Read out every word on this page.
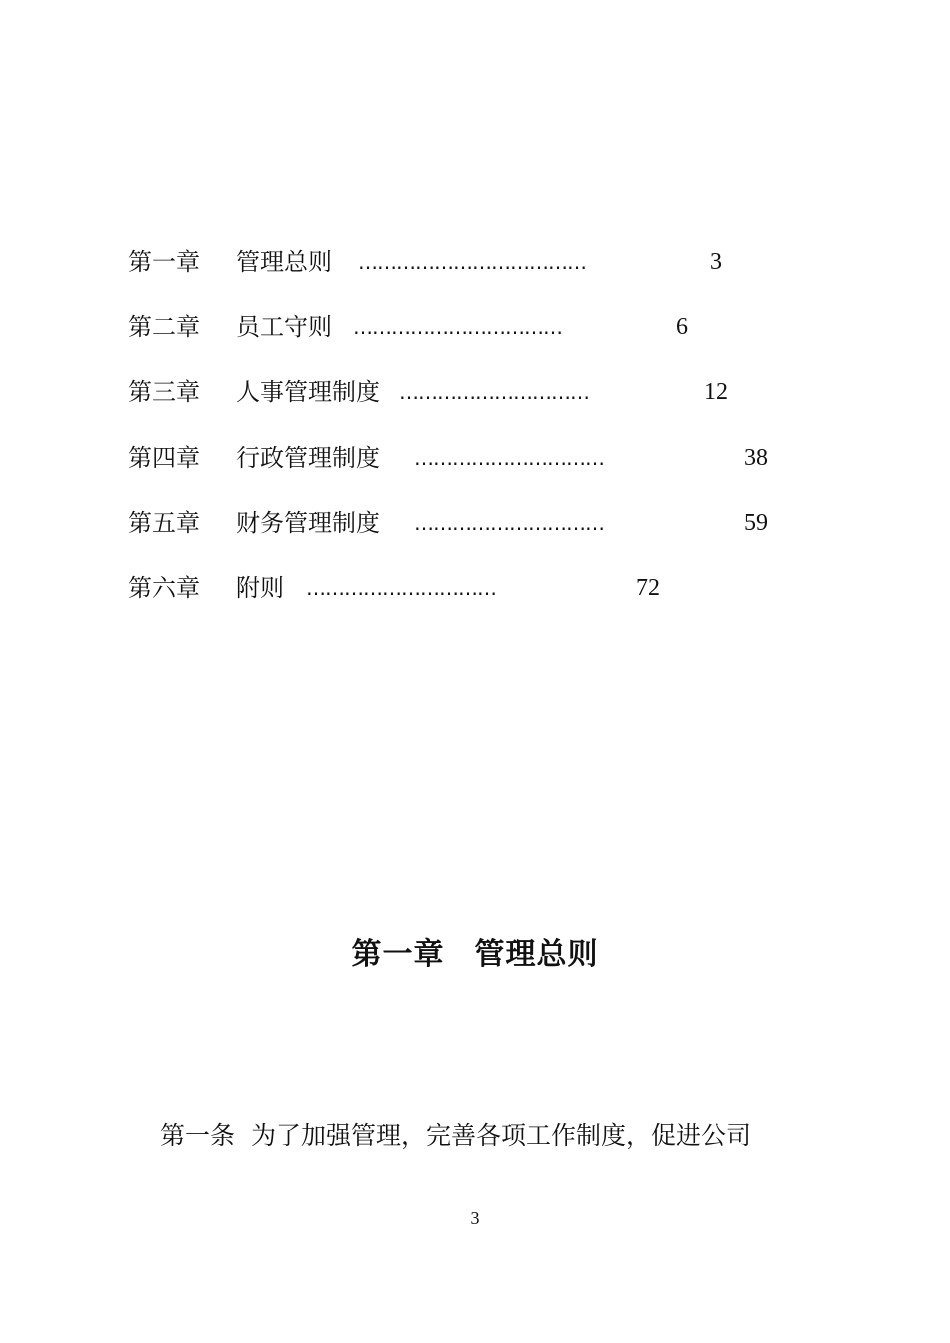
第一章 管理总则 ………………………………	3
第二章 员工守则 ……………………………	6
第三章 人事管理制度 …………………………	12
第四章 行政管理制度 …………………………	38
第五章 财务管理制度 …………………………	59
第六章 附则 …………………………	72
第一章 管理总则
第一条 为了加强管理，完善各项工作制度，促进公司
3
